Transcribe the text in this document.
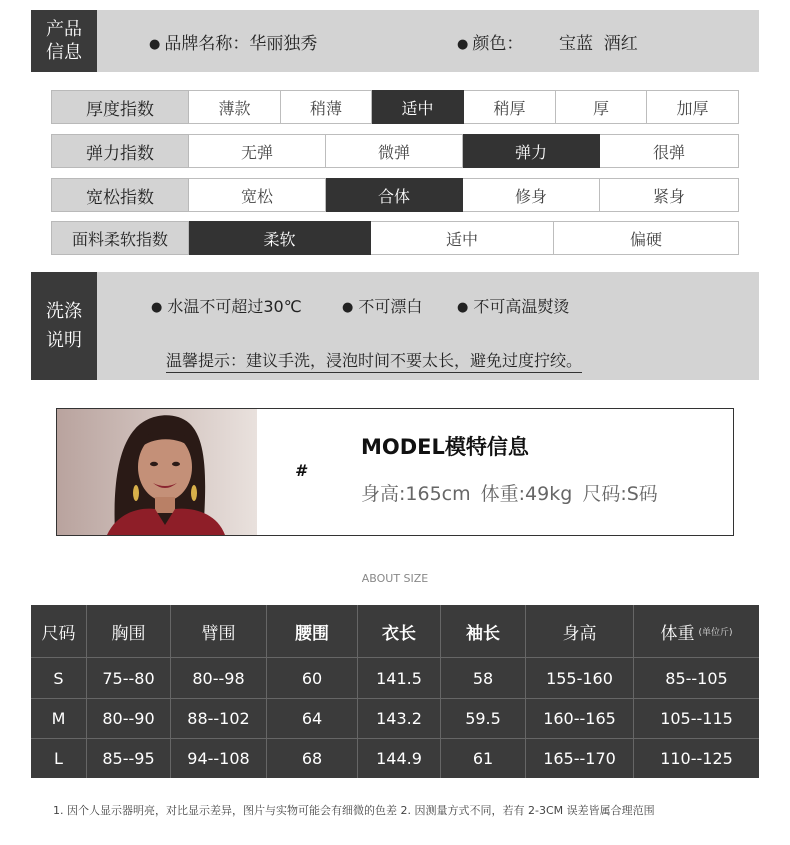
产品
信息	● 品牌名称：华丽独秀	● 颜色： 宝蓝  酒红
厚度指数	薄款	稍薄	适中	稍厚	厚	加厚
弹力指数	无弹	微弹	弹力	很弹
宽松指数	宽松	合体	修身	紧身
面料柔软指数	柔软	适中	偏硬
洗涤
说明
● 水温不可超过30℃	● 不可漂白	● 不可高温熨烫
温馨提示：建议手洗，浸泡时间不要太长，避免过度拧绞。
#
MODEL模特信息
身高:165cm 体重:49kg 尺码:S码
ABOUT SIZE
尺码	胸围	臂围	腰围	衣长	袖长	身高	体重 (单位斤)
S	75--80	80--98	60	141.5	58	155-160	85--105
M	80--90	88--102	64	143.2	59.5	160--165	105--115
L	85--95	94--108	68	144.9	61	165--170	110--125
1. 因个人显示器明亮，对比显示差异，图片与实物可能会有细微的色差 2. 因测量方式不同，若有 2-3CM 误差皆属合理范围
